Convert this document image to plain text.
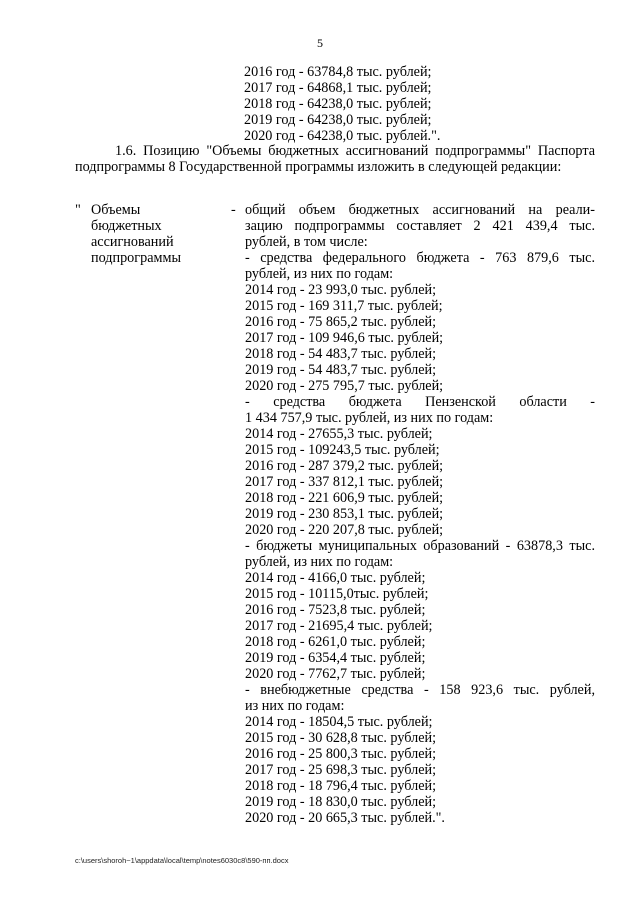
5
2016 год - 63784,8 тыс. рублей;
2017 год - 64868,1 тыс. рублей;
2018 год - 64238,0 тыс. рублей;
2019 год - 64238,0 тыс. рублей;
2020 год - 64238,0 тыс. рублей.".
1.6. Позицию "Объемы бюджетных ассигнований подпрограммы" Паспорта подпрограммы 8 Государственной программы изложить в следующей редакции:
" Объемы
бюджетных
ассигнований
подпрограммы
- общий объем бюджетных ассигнований на реали-
зацию подпрограммы составляет 2 421 439,4 тыс.
рублей, в том числе:
- средства федерального бюджета - 763 879,6 тыс.
рублей, из них по годам:
2014 год - 23 993,0 тыс. рублей;
2015 год - 169 311,7 тыс. рублей;
2016 год - 75 865,2 тыс. рублей;
2017 год - 109 946,6 тыс. рублей;
2018 год - 54 483,7 тыс. рублей;
2019 год - 54 483,7 тыс. рублей;
2020 год - 275 795,7 тыс. рублей;
- средства бюджета Пензенской области -
1 434 757,9 тыс. рублей, из них по годам:
2014 год - 27655,3 тыс. рублей;
2015 год - 109243,5 тыс. рублей;
2016 год - 287 379,2 тыс. рублей;
2017 год - 337 812,1 тыс. рублей;
2018 год - 221 606,9 тыс. рублей;
2019 год - 230 853,1 тыс. рублей;
2020 год - 220 207,8 тыс. рублей;
- бюджеты муниципальных образований - 63878,3 тыс.
рублей, из них по годам:
2014 год - 4166,0 тыс. рублей;
2015 год - 10115,0тыс. рублей;
2016 год - 7523,8 тыс. рублей;
2017 год - 21695,4 тыс. рублей;
2018 год - 6261,0 тыс. рублей;
2019 год - 6354,4 тыс. рублей;
2020 год - 7762,7 тыс. рублей;
- внебюджетные средства - 158 923,6 тыс. рублей,
из них по годам:
2014 год - 18504,5 тыс. рублей;
2015 год - 30 628,8 тыс. рублей;
2016 год - 25 800,3 тыс. рублей;
2017 год - 25 698,3 тыс. рублей;
2018 год - 18 796,4 тыс. рублей;
2019 год - 18 830,0 тыс. рублей;
2020 год - 20 665,3 тыс. рублей.".
c:\users\shoroh~1\appdata\local\temp\notes6030c8\590-пп.docx
